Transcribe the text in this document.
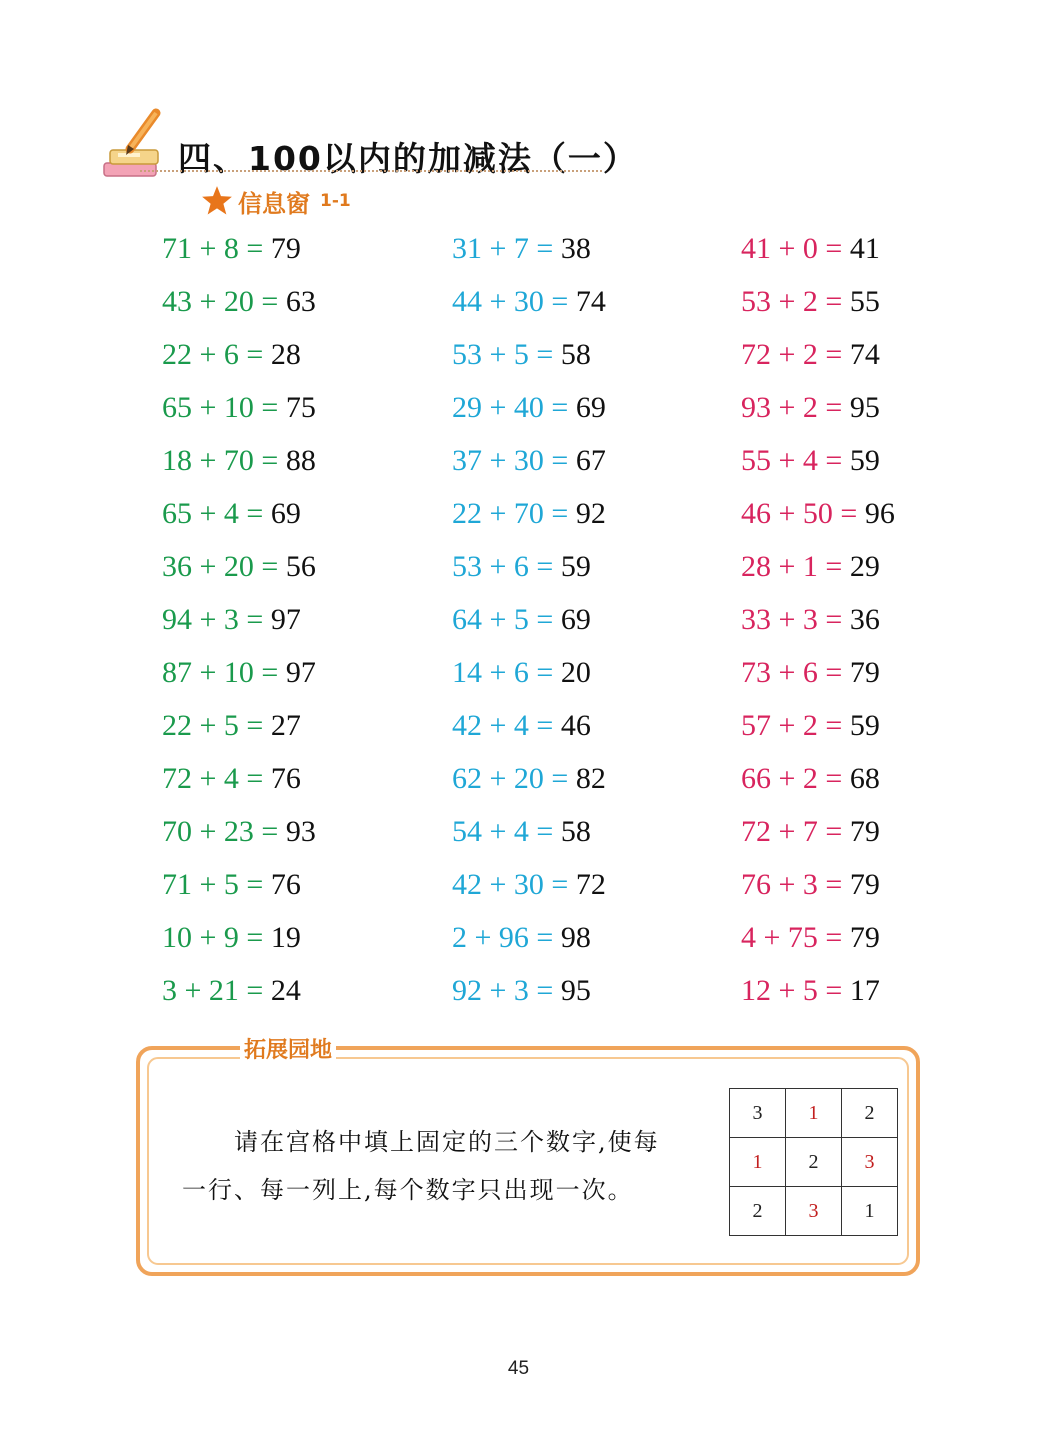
四、100以内的加减法（一）
信息窗 1-1
71 + 8 = 79	31 + 7 = 38	41 + 0 = 41
43 + 20 = 63	44 + 30 = 74	53 + 2 = 55
22 + 6 = 28	53 + 5 = 58	72 + 2 = 74
65 + 10 = 75	29 + 40 = 69	93 + 2 = 95
18 + 70 = 88	37 + 30 = 67	55 + 4 = 59
65 + 4 = 69	22 + 70 = 92	46 + 50 = 96
36 + 20 = 56	53 + 6 = 59	28 + 1 = 29
94 + 3 = 97	64 + 5 = 69	33 + 3 = 36
87 + 10 = 97	14 + 6 = 20	73 + 6 = 79
22 + 5 = 27	42 + 4 = 46	57 + 2 = 59
72 + 4 = 76	62 + 20 = 82	66 + 2 = 68
70 + 23 = 93	54 + 4 = 58	72 + 7 = 79
71 + 5 = 76	42 + 30 = 72	76 + 3 = 79
10 + 9 = 19	2 + 96 = 98	4 + 75 = 79
3 + 21 = 24	92 + 3 = 95	12 + 5 = 17
拓展园地
请在宫格中填上固定的三个数字,使每
一行、每一列上,每个数字只出现一次。
3	1	2
1	2	3
2	3	1
45
